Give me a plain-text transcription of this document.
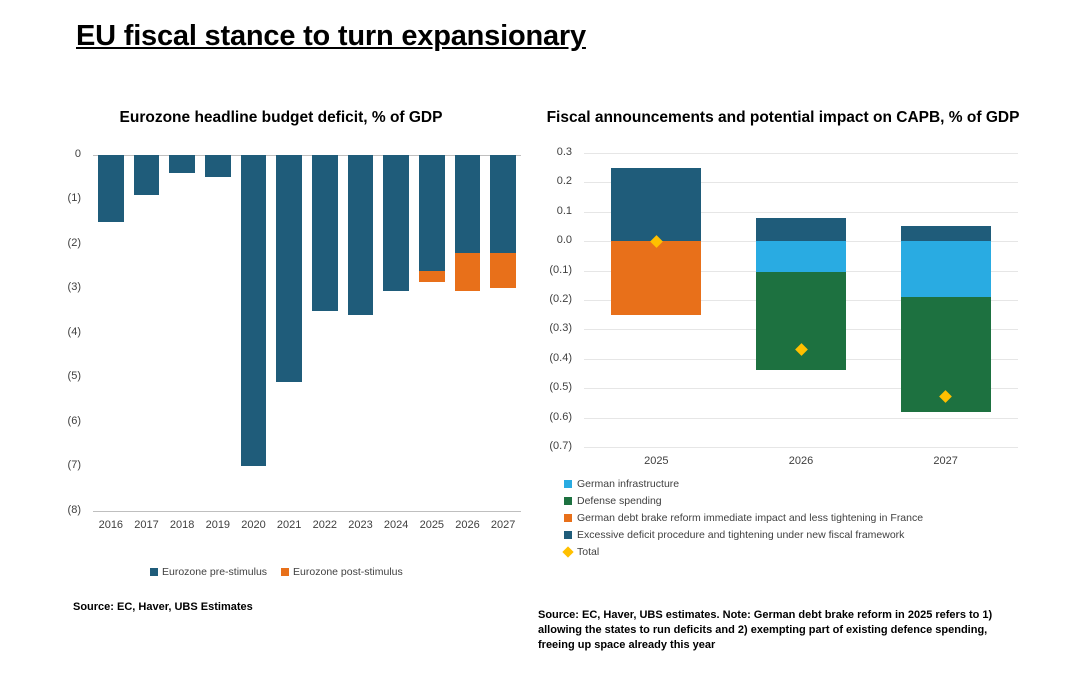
EU fiscal stance to turn expansionary
Eurozone headline budget deficit, % of GDP
0
(1)
(2)
(3)
(4)
(5)
(6)
(7)
(8)
2016	2017	2018	2019	2020	2021	2022	2023	2024	2025	2026	2027
Eurozone pre-stimulus Eurozone post-stimulus
Source: EC, Haver, UBS Estimates
Fiscal announcements and potential impact on CAPB, % of GDP
0.3
0.2
0.1
0.0
(0.1)
(0.2)
(0.3)
(0.4)
(0.5)
(0.6)
(0.7)
2025	2026	2027
German infrastructure
Defense spending
German debt brake reform immediate impact and less tightening in France
Excessive deficit procedure and tightening under new fiscal framework
Total
Source: EC, Haver, UBS estimates. Note: German debt brake reform in 2025 refers to 1) allowing the states to run deficits and 2) exempting part of existing defence spending, freeing up space already this year
